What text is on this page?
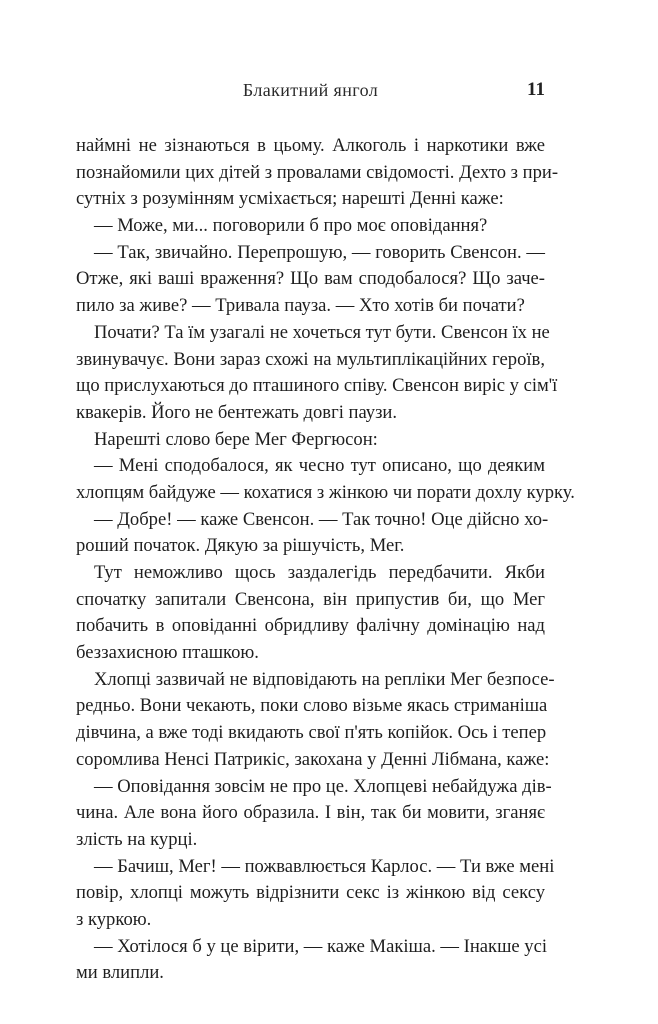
Блакитний янгол	11
наймні не зізнаються в цьому. Алкоголь і наркотики вже
познайомили цих дітей з провалами свідомості. Дехто з при-
сутніх з розумінням усміхається; нарешті Денні каже:
— Може, ми... поговорили б про моє оповідання?
— Так, звичайно. Перепрошую, — говорить Свенсон. —
Отже, які ваші враження? Що вам сподобалося? Що заче-
пило за живе? — Тривала пауза. — Хто хотів би почати?
Почати? Та їм узагалі не хочеться тут бути. Свенсон їх не
звинувачує. Вони зараз схожі на мультиплікаційних героїв,
що прислухаються до пташиного співу. Свенсон виріс у сім'ї
квакерів. Його не бентежать довгі паузи.
Нарешті слово бере Мег Фергюсон:
— Мені сподобалося, як чесно тут описано, що деяким
хлопцям байдуже — кохатися з жінкою чи порати дохлу курку.
— Добре! — каже Свенсон. — Так точно! Оце дійсно хо-
роший початок. Дякую за рішучість, Мег.
Тут неможливо щось заздалегідь передбачити. Якби
спочатку запитали Свенсона, він припустив би, що Мег
побачить в оповіданні обридливу фалічну домінацію над
беззахисною пташкою.
Хлопці зазвичай не відповідають на репліки Мег безпосе-
редньо. Вони чекають, поки слово візьме якась стриманіша
дівчина, а вже тоді вкидають свої п'ять копійок. Ось і тепер
соромлива Ненсі Патрикіс, закохана у Денні Лібмана, каже:
— Оповідання зовсім не про це. Хлопцеві небайдужа дів-
чина. Але вона його образила. І він, так би мовити, зганяє
злість на курці.
— Бачиш, Мег! — пожвавлюється Карлос. — Ти вже мені
повір, хлопці можуть відрізнити секс із жінкою від сексу
з куркою.
— Хотілося б у це вірити, — каже Макіша. — Інакше усі
ми влипли.
